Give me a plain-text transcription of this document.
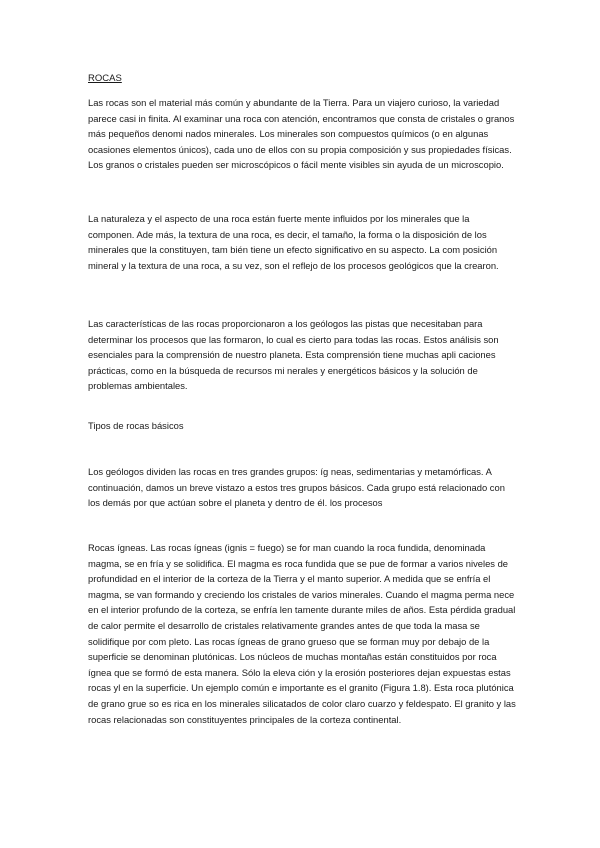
ROCAS

Las rocas son el material más común y abundante de la Tierra. Para un viajero curioso, la variedad parece casi in finita. Al examinar una roca con atención, encontramos que consta de cristales o granos más pequeños denomi nados minerales. Los minerales son compuestos químicos (o en algunas ocasiones elementos únicos), cada uno de ellos con su propia composición y sus propiedades físicas. Los granos o cristales pueden ser microscópicos o fácil mente visibles sin ayuda de un microscopio.

La naturaleza y el aspecto de una roca están fuerte mente influidos por los minerales que la componen. Ade más, la textura de una roca, es decir, el tamaño, la forma o la disposición de los minerales que la constituyen, tam bién tiene un efecto significativo en su aspecto. La com posición mineral y la textura de una roca, a su vez, son el reflejo de los procesos geológicos que la crearon.

Las características de las rocas proporcionaron a los geólogos las pistas que necesitaban para determinar los procesos que las formaron, lo cual es cierto para todas las rocas. Estos análisis son esenciales para la comprensión de nuestro planeta. Esta comprensión tiene muchas apli caciones prácticas, como en la búsqueda de recursos mi nerales y energéticos básicos y la solución de problemas ambientales.

Tipos de rocas básicos

Los geólogos dividen las rocas en tres grandes grupos: íg neas, sedimentarias y metamórficas. A continuación, damos un breve vistazo a estos tres grupos básicos. Cada grupo está relacionado con los demás por que actúan sobre el planeta y dentro de él. los procesos

Rocas ígneas. Las rocas ígneas (ignis = fuego) se for man cuando la roca fundida, denominada magma, se en fría y se solidifica. El magma es roca fundida que se pue de formar a varios niveles de profundidad en el interior de la corteza de la Tierra y el manto superior. A medida que se enfría el magma, se van formando y creciendo los cristales de varios minerales. Cuando el magma perma nece en el interior profundo de la corteza, se enfría len tamente durante miles de años. Esta pérdida gradual de calor permite el desarrollo de cristales relativamente grandes antes de que toda la masa se solidifique por com pleto. Las rocas ígneas de grano grueso que se forman muy por debajo de la superficie se denominan plutónicas. Los núcleos de muchas montañas están constituidos por roca ígnea que se formó de esta manera. Sólo la eleva ción y la erosión posteriores dejan expuestas estas rocas yl en la superficie. Un ejemplo común e importante es el granito (Figura 1.8). Esta roca plutónica de grano grue so es rica en los minerales silicatados de color claro cuarzo y feldespato. El granito y las rocas relacionadas son constituyentes principales de la corteza continental.
